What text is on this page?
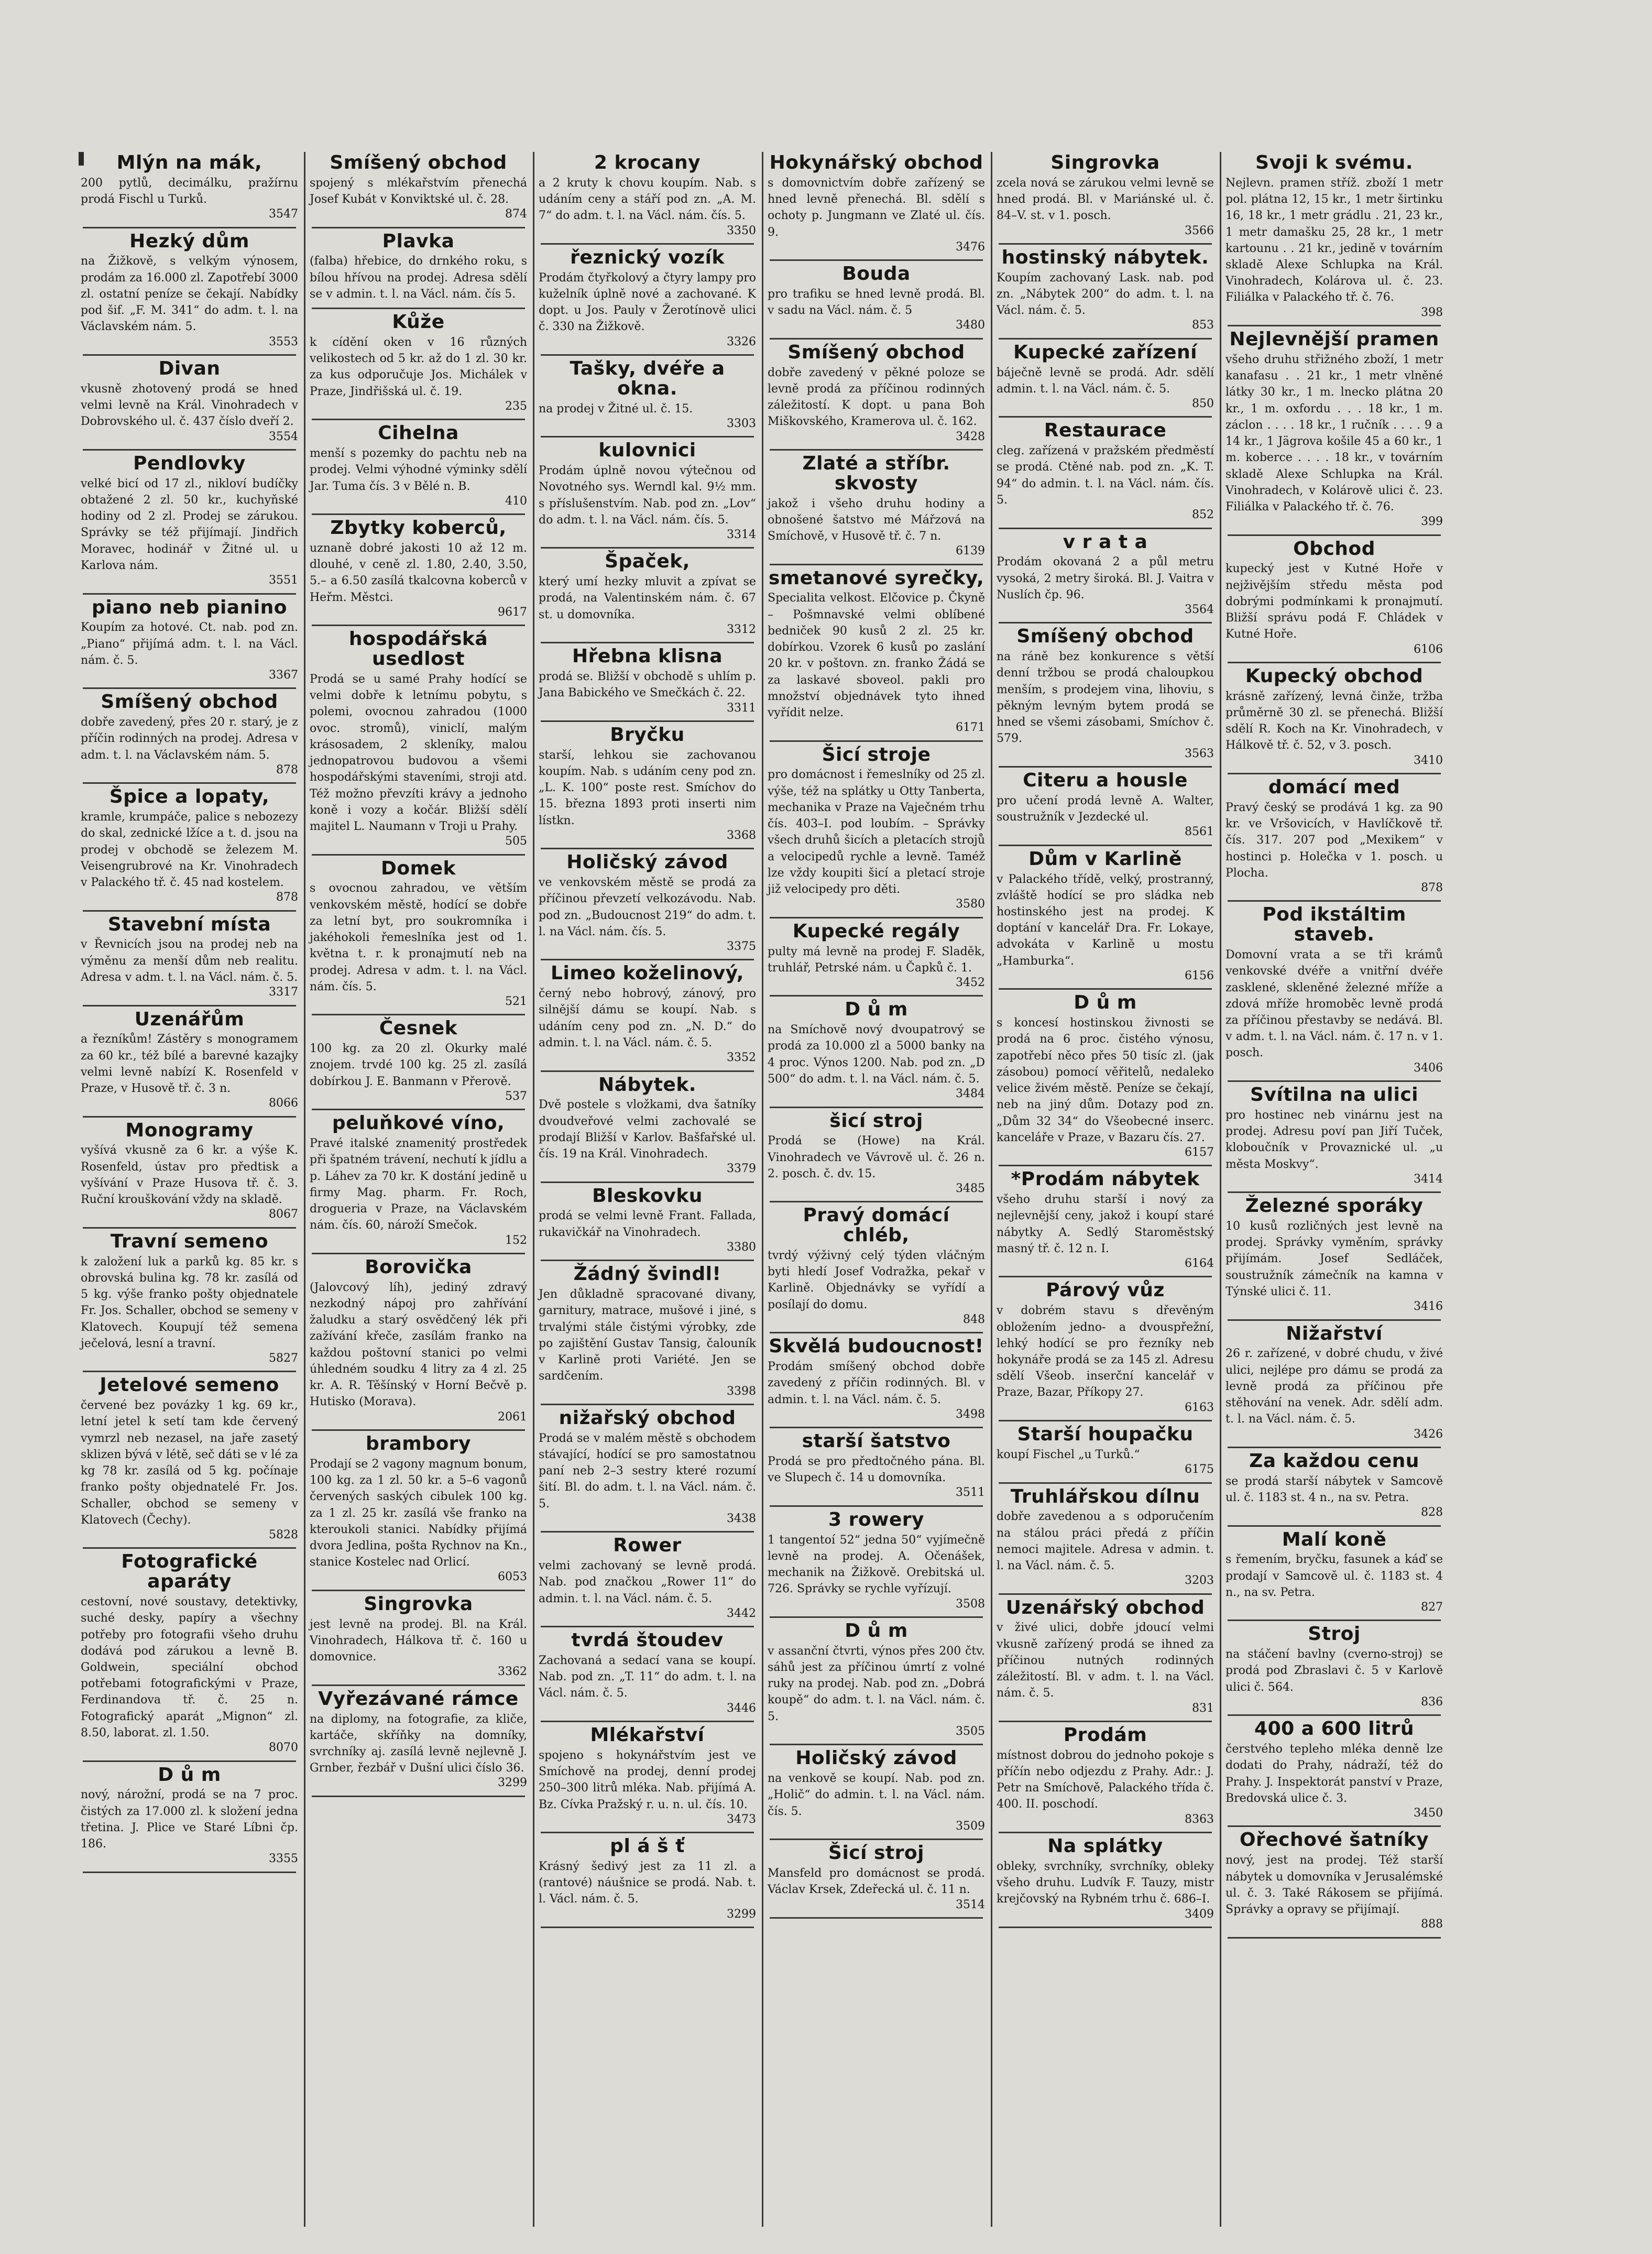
Mlýn na mák,

200 pytlů, decimálku, pražírnu prodá Fischl u Turků.

3547
Hezký dům

na Žižkově, s velkým výnosem, prodám za 16.000 zl. Zapotřebí 3000 zl. ostatní peníze se čekají. Nabídky pod šif. „F. M. 341“ do adm. t. l. na Václavském nám. 5.

3553
Divan

vkusně zhotovený prodá se hned velmi levně na Král. Vinohradech v Dobrovského ul. č. 437 číslo dveří 2.

3554
Pendlovky

velké bicí od 17 zl., nikloví budíčky obtažené 2 zl. 50 kr., kuchyňské hodiny od 2 zl. Prodej se zárukou. Správky se též přijímají. Jindřich Moravec, hodinář v Žitné ul. u Karlova nám.

3551
piano neb pianino

Koupím za hotové. Ct. nab. pod zn. „Piano“ přijímá adm. t. l. na Václ. nám. č. 5.

3367
Smíšený obchod

dobře zavedený, přes 20 r. starý, je z příčin rodinných na prodej. Adresa v adm. t. l. na Václavském nám. 5.

878
Špice a lopaty,

kramle, krumpáče, palice s nebozezy do skal, zednické lžíce a t. d. jsou na prodej v obchodě se železem M. Veisengrubrové na Kr. Vinohradech v Palackého tř. č. 45 nad kostelem.

878
Stavební místa

v Řevnicích jsou na prodej neb na výměnu za menší dům neb realitu. Adresa v adm. t. l. na Václ. nám. č. 5.

3317
Uzenářům

a řezníkům! Zástěry s monogramem za 60 kr., též bílé a barevné kazajky velmi levně nabízí K. Rosenfeld v Praze, v Husově tř. č. 3 n.

8066
Monogramy

vyšívá vkusně za 6 kr. a výše K. Rosenfeld, ústav pro předtisk a vyšívání v Praze Husova tř. č. 3. Ruční krouškování vždy na skladě.

8067
Travní semeno

k založení luk a parků kg. 85 kr. s obrovská bulina kg. 78 kr. zasílá od 5 kg. výše franko pošty objednatele Fr. Jos. Schaller, obchod se semeny v Klatovech. Koupují též semena ječelová, lesní a travní.

5827
Jetelové semeno

červené bez povázky 1 kg. 69 kr., letní jetel k setí tam kde červený vymrzl neb nezasel, na jaře zasetý sklizen bývá v létě, seč dáti se v lé za kg 78 kr. zasílá od 5 kg. počínaje franko pošty objednatelé Fr. Jos. Schaller, obchod se semeny v Klatovech (Čechy).

5828
Fotografické aparáty

cestovní, nové soustavy, detektivky, suché desky, papíry a všechny potřeby pro fotografii všeho druhu dodává pod zárukou a levně B. Goldwein, speciální obchod potřebami fotografickými v Praze, Ferdinandova tř. č. 25 n. Fotografický aparát „Mignon“ zl. 8.50, laborat. zl. 1.50.

8070
D ů m

nový, nárožní, prodá se na 7 proc. čistých za 17.000 zl. k složení jedna třetina. J. Plice ve Staré Líbni čp. 186.

3355
Smíšený obchod

spojený s mlékařstvím přenechá Josef Kubát v Konviktské ul. č. 28.

874
Plavka

(falba) hřebice, do drnkého roku, s bílou hřívou na prodej. Adresa sdělí se v admin. t. l. na Václ. nám. čís 5.

Kůže

k cídění oken v 16 různých velikostech od 5 kr. až do 1 zl. 30 kr. za kus odporučuje Jos. Michálek v Praze, Jindřišská ul. č. 19.

235
Cihelna

menší s pozemky do pachtu neb na prodej. Velmi výhodné výminky sdělí Jar. Tuma čís. 3 v Bělé n. B.

410
Zbytky koberců,

uznaně dobré jakosti 10 až 12 m. dlouhé, v ceně zl. 1.80, 2.40, 3.50, 5.– a 6.50 zasílá tkalcovna koberců v Heřm. Městci.

9617
hospodářská usedlost

Prodá se u samé Prahy hodící se velmi dobře k letnímu pobytu, s polemi, ovocnou zahradou (1000 ovoc. stromů), viniclí, malým krásosadem, 2 skleníky, malou jednopatrovou budovou a všemi hospodářskými staveními, stroji atd. Též možno převzíti krávy a jednoho koně i vozy a kočár. Bližší sdělí majitel L. Naumann v Troji u Prahy.

505
Domek

s ovocnou zahradou, ve větším venkovském městě, hodící se dobře za letní byt, pro soukromníka i jakéhokoli řemeslníka jest od 1. května t. r. k pronajmutí neb na prodej. Adresa v adm. t. l. na Václ. nám. čís. 5.

521
Česnek

100 kg. za 20 zl. Okurky malé znojem. trvdé 100 kg. 25 zl. zasílá dobírkou J. E. Banmann v Přerově.

537
peluňkové víno,

Pravé italské znamenitý prostředek při špatném trávení, nechutí k jídlu a p. Láhev za 70 kr. K dostání jedině u firmy Mag. pharm. Fr. Roch, drogueria v Praze, na Václavském nám. čís. 60, nároží Smečok.

152
Borovička

(Jalovcový líh), jediný zdravý nezkodný nápoj pro zahřívání žaludku a starý osvědčený lék při zažívání křeče, zasílám franko na každou poštovní stanici po velmi úhledném soudku 4 litry za 4 zl. 25 kr. A. R. Těšínský v Horní Bečvě p. Hutisko (Morava).

2061
brambory

Prodají se 2 vagony magnum bonum, 100 kg. za 1 zl. 50 kr. a 5–6 vagonů červených saských cibulek 100 kg. za 1 zl. 25 kr. zasílá vše franko na kteroukoli stanici. Nabídky přijímá dvora Jedlina, pošta Rychnov na Kn., stanice Kostelec nad Orlicí.

6053
Singrovka

jest levně na prodej. Bl. na Král. Vinohradech, Hálkova tř. č. 160 u domovnice.

3362
Vyřezávané rámce

na diplomy, na fotografie, za kliče, kartáče, skříňky na domníky, svrchníky aj. zasílá levně nejlevně J. Grnber, řezbář v Dušní ulici číslo 36.

3299
2 krocany

a 2 kruty k chovu koupím. Nab. s udáním ceny a stáří pod zn. „A. M. 7“ do adm. t. l. na Václ. nám. čís. 5.

3350
řeznický vozík

Prodám čtyřkolový a čtyry lampy pro kuželník úplně nové a zachované. K dopt. u Jos. Pauly v Žerotínově ulici č. 330 na Žižkově.

3326
Tašky, dvéře a okna.

na prodej v Žitné ul. č. 15.

3303
kulovnici

Prodám úplně novou výtečnou od Novotného sys. Werndl kal. 9½ mm. s příslušenstvím. Nab. pod zn. „Lov“ do adm. t. l. na Václ. nám. čís. 5.

3314
Špaček,

který umí hezky mluvit a zpívat se prodá, na Valentinském nám. č. 67 st. u domovníka.

3312
Hřebna klisna

prodá se. Bližší v obchodě s uhlím p. Jana Babického ve Smečkách č. 22.

3311
Bryčku

starší, lehkou sie zachovanou koupím. Nab. s udáním ceny pod zn. „L. K. 100“ poste rest. Smíchov do 15. března 1893 proti inserti nim lístkn.

3368
Holičský závod

ve venkovském městě se prodá za příčinou převzetí velkozávodu. Nab. pod zn. „Budoucnost 219“ do adm. t. l. na Václ. nám. čís. 5.

3375
Limeo koželinový,

černý nebo hobrový, zánový, pro silnější dámu se koupí. Nab. s udáním ceny pod zn. „N. D.“ do admin. t. l. na Václ. nám. č. 5.

3352
Nábytek.

Dvě postele s vložkami, dva šatníky dvoudveřové velmi zachovalé se prodají Bližší v Karlov. Bašfařské ul. čís. 19 na Král. Vinohradech.

3379
Bleskovku

prodá se velmi levně Frant. Fallada, rukavičkář na Vinohradech.

3380
Žádný švindl!

Jen důkladně spracované divany, garnitury, matrace, mušové i jiné, s trvalými stále čistými výrobky, zde po zajištění Gustav Tansig, čalouník v Karlině proti Variété. Jen se sardčením.

3398
nižařský obchod

Prodá se v malém městě s obchodem stávající, hodící se pro samostatnou paní neb 2–3 sestry které rozumí šití. Bl. do adm. t. l. na Václ. nám. č. 5.

3438
Rower

velmi zachovaný se levně prodá. Nab. pod značkou „Rower 11“ do admin. t. l. na Václ. nám. č. 5.

3442
tvrdá štoudev

Zachovaná a sedací vana se koupí. Nab. pod zn. „T. 11“ do adm. t. l. na Václ. nám. č. 5.

3446
Mlékařství

spojeno s hokynářstvím jest ve Smíchově na prodej, denní prodej 250–300 litrů mléka. Nab. přijímá A. Bz. Cívka Pražský r. u. n. ul. čís. 10.

3473
pl á š ť

Krásný šedivý jest za 11 zl. a (rantové) náušnice se prodá. Nab. t. l. Václ. nám. č. 5.

3299
Hokynářský obchod

s domovnictvím dobře zařízený se hned levně přenechá. Bl. sdělí s ochoty p. Jungmann ve Zlaté ul. čís. 9.

3476
Bouda

pro trafiku se hned levně prodá. Bl. v sadu na Václ. nám. č. 5

3480
Smíšený obchod

dobře zavedený v pěkné poloze se levně prodá za příčinou rodinných záležitostí. K dopt. u pana Boh Miškovského, Kramerova ul. č. 162.

3428
Zlaté a stříbr. skvosty

jakož i všeho druhu hodiny a obnošené šatstvo mé Mářzová na Smíchově, v Husově tř. č. 7 n.

6139
smetanové syrečky,

Specialita velkost. Elčovice p. Čkyně – Pošmnavské velmi oblíbené bedniček 90 kusů 2 zl. 25 kr. dobírkou. Vzorek 6 kusů po zaslání 20 kr. v poštovn. zn. franko Žádá se za laskavé sboveol. pakli pro množství objednávek tyto ihned vyřídit nelze.

6171
Šicí stroje

pro domácnost i řemeslníky od 25 zl. výše, též na splátky u Otty Tanberta, mechanika v Praze na Vaječném trhu čís. 403–I. pod loubím. – Správky všech druhů šicích a pletacích strojů a velocipedů rychle a levně. Taméž lze vždy koupiti šicí a pletací stroje již velocipedy pro děti.

3580
Kupecké regály

pulty má levně na prodej F. Sladěk, truhlář, Petrské nám. u Čapků č. 1.

3452
D ů m

na Smíchově nový dvoupatrový se prodá za 10.000 zl a 5000 banky na 4 proc. Výnos 1200. Nab. pod zn. „D 500“ do adm. t. l. na Václ. nám. č. 5.

3484
šicí stroj

Prodá se (Howe) na Král. Vinohradech ve Vávrově ul. č. 26 n. 2. posch. č. dv. 15.

3485
Pravý domácí chléb,

tvrdý výživný celý týden vláčným byti hledí Josef Vodražka, pekař v Karlině. Objednávky se vyřídí a posílají do domu.

848
Skvělá budoucnost!

Prodám smíšený obchod dobře zavedený z příčin rodinných. Bl. v admin. t. l. na Václ. nám. č. 5.

3498
starší šatstvo

Prodá se pro předtočného pána. Bl. ve Slupech č. 14 u domovníka.

3511
3 rowery

1 tangentoí 52“ jedna 50“ vyjímečně levně na prodej. A. Očenášek, mechanik na Žižkově. Orebitská ul. 726. Správky se rychle vyřízují.

3508
D ů m

v assanční čtvrti, výnos přes 200 čtv. sáhů jest za příčinou úmrtí z volné ruky na prodej. Nab. pod zn. „Dobrá koupě“ do adm. t. l. na Václ. nám. č. 5.

3505
Holičský závod

na venkově se koupí. Nab. pod zn. „Holič“ do admin. t. l. na Václ. nám. čís. 5.

3509
Šicí stroj

Mansfeld pro domácnost se prodá. Václav Krsek, Zdeřecká ul. č. 11 n.

3514
Singrovka

zcela nová se zárukou velmi levně se hned prodá. Bl. v Mariánské ul. č. 84–V. st. v 1. posch.

3566
hostinský nábytek.

Koupím zachovaný Lask. nab. pod zn. „Nábytek 200“ do adm. t. l. na Václ. nám. č. 5.

853
Kupecké zařízení

báječně levně se prodá. Adr. sdělí admin. t. l. na Václ. nám. č. 5.

850
Restaurace

cleg. zařízená v pražském předměstí se prodá. Ctěné nab. pod zn. „K. T. 94“ do admin. t. l. na Václ. nám. čís. 5.

852
v r a t a

Prodám okovaná 2 a půl metru vysoká, 2 metry široká. Bl. J. Vaitra v Nuslích čp. 96.

3564
Smíšený obchod

na ráně bez konkurence s větší denní tržbou se prodá chaloupkou menším, s prodejem vina, lihoviu, s pěkným levným bytem prodá se hned se všemi zásobami, Smíchov č. 579.

3563
Citeru a housle

pro učení prodá levně A. Walter, soustružník v Jezdecké ul.

8561
Dům v Karlině

v Palackého třídě, velký, prostranný, zvláště hodící se pro sládka neb hostinského jest na prodej. K doptání v kancelář Dra. Fr. Lokaye, advokáta v Karlině u mostu „Hamburka“.

6156
D ů m

s koncesí hostinskou živnosti se prodá na 6 proc. čistého výnosu, zapotřebí něco přes 50 tisíc zl. (jak zásobou) pomocí věřitelů, nedaleko velice živém městě. Peníze se čekají, neb na jiný dům. Dotazy pod zn. „Dům 32 34“ do Všeobecné inserc. kanceláře v Praze, v Bazaru čís. 27.

6157
*Prodám nábytek

všeho druhu starší i nový za nejlevnější ceny, jakož i koupí staré nábytky A. Sedlý Staroměstský masný tř. č. 12 n. I.

6164
Párový vůz

v dobrém stavu s dřevěným obložením jedno- a dvouspřežní, lehký hodící se pro řezníky neb hokynáře prodá se za 145 zl. Adresu sdělí Všeob. inserční kancelář v Praze, Bazar, Příkopy 27.

6163
Starší houpačku

koupí Fischel „u Turků.“

6175
Truhlářskou dílnu

dobře zavedenou a s odporučením na stálou práci předá z příčin nemoci majitele. Adresa v admin. t. l. na Václ. nám. č. 5.

3203
Uzenářský obchod

v živé ulici, dobře jdoucí velmi vkusně zařízený prodá se ihned za příčinou nutných rodinných záležitostí. Bl. v adm. t. l. na Václ. nám. č. 5.

831
Prodám

místnost dobrou do jednoho pokoje s příčín nebo odjezdu z Prahy. Adr.: J. Petr na Smíchově, Palackého třída č. 400. II. poschodí.

8363
Na splátky

obleky, svrchníky, svrchníky, obleky všeho druhu. Ludvík F. Tauzy, mistr krejčovský na Rybném trhu č. 686–I.

3409
Svoji k svému.

Nejlevn. pramen stříž. zboží 1 metr pol. plátna 12, 15 kr., 1 metr širtinku 16, 18 kr., 1 metr grádlu . 21, 23 kr., 1 metr damašku 25, 28 kr., 1 metr kartounu . . 21 kr., jedině v továrním skladě Alexe Schlupka na Král. Vinohradech, Kolárova ul. č. 23. Filiálka v Palackého tř. č. 76.

398
Nejlevnější pramen

všeho druhu střižného zboží, 1 metr kanafasu . . 21 kr., 1 metr vlněné látky 30 kr., 1 m. lnecko plátna 20 kr., 1 m. oxfordu . . . 18 kr., 1 m. záclon . . . . 18 kr., 1 ručník . . . . 9 a 14 kr., 1 Jägrova košile 45 a 60 kr., 1 m. koberce . . . . 18 kr., v továrním skladě Alexe Schlupka na Král. Vinohradech, v Kolárově ulici č. 23. Filiálka v Palackého tř. č. 76.

399
Obchod

kupecký jest v Kutné Hoře v nejživějším středu města pod dobrými podmínkami k pronajmutí. Bližší správu podá F. Chládek v Kutné Hoře.

6106
Kupecký obchod

krásně zařízený, levná činže, tržba průměrně 30 zl. se přenechá. Bližší sdělí R. Koch na Kr. Vinohradech, v Hálkově tř. č. 52, v 3. posch.

3410
domácí med

Pravý český se prodává 1 kg. za 90 kr. ve Vršovicích, v Havlíčkově tř. čís. 317. 207 pod „Mexikem“ v hostinci p. Holečka v 1. posch. u Plocha.

878
Pod ikstáltim staveb.

Domovní vrata a se tři krámů venkovské dvéře a vnitřní dvéře zasklené, skleněné železné mříže a zdová mříže hromoběc levně prodá za příčinou přestavby se nedává. Bl. v adm. t. l. na Václ. nám. č. 17 n. v 1. posch.

3406
Svítilna na ulici

pro hostinec neb vinárnu jest na prodej. Adresu poví pan Jiří Tuček, kloboučník v Provaznické ul. „u města Moskvy“.

3414
Železné sporáky

10 kusů rozličných jest levně na prodej. Správky vyměním, správky přijímám. Josef Sedláček, soustružník zámečník na kamna v Týnské ulici č. 11.

3416
Nižařství

26 r. zařízené, v dobré chudu, v živé ulici, nejlépe pro dámu se prodá za levně prodá za příčinou pře stěhování na venek. Adr. sdělí adm. t. l. na Václ. nám. č. 5.

3426
Za každou cenu

se prodá starší nábytek v Samcově ul. č. 1183 st. 4 n., na sv. Petra.

828
Malí koně

s řemením, bryčku, fasunek a káď se prodají v Samcově ul. č. 1183 st. 4 n., na sv. Petra.

827
Stroj

na stáčení bavlny (cverno-stroj) se prodá pod Zbraslavi č. 5 v Karlově ulici č. 564.

836
400 a 600 litrů

čerstvého tepleho mléka denně lze dodati do Prahy, nádraží, též do Prahy. J. Inspektorát panství v Praze, Bredovská ulice č. 3.

3450
Ořechové šatníky

nový, jest na prodej. Též starší nábytek u domovníka v Jerusalémské ul. č. 3. Také Rákosem se přijímá. Správky a opravy se přijímají.

888
